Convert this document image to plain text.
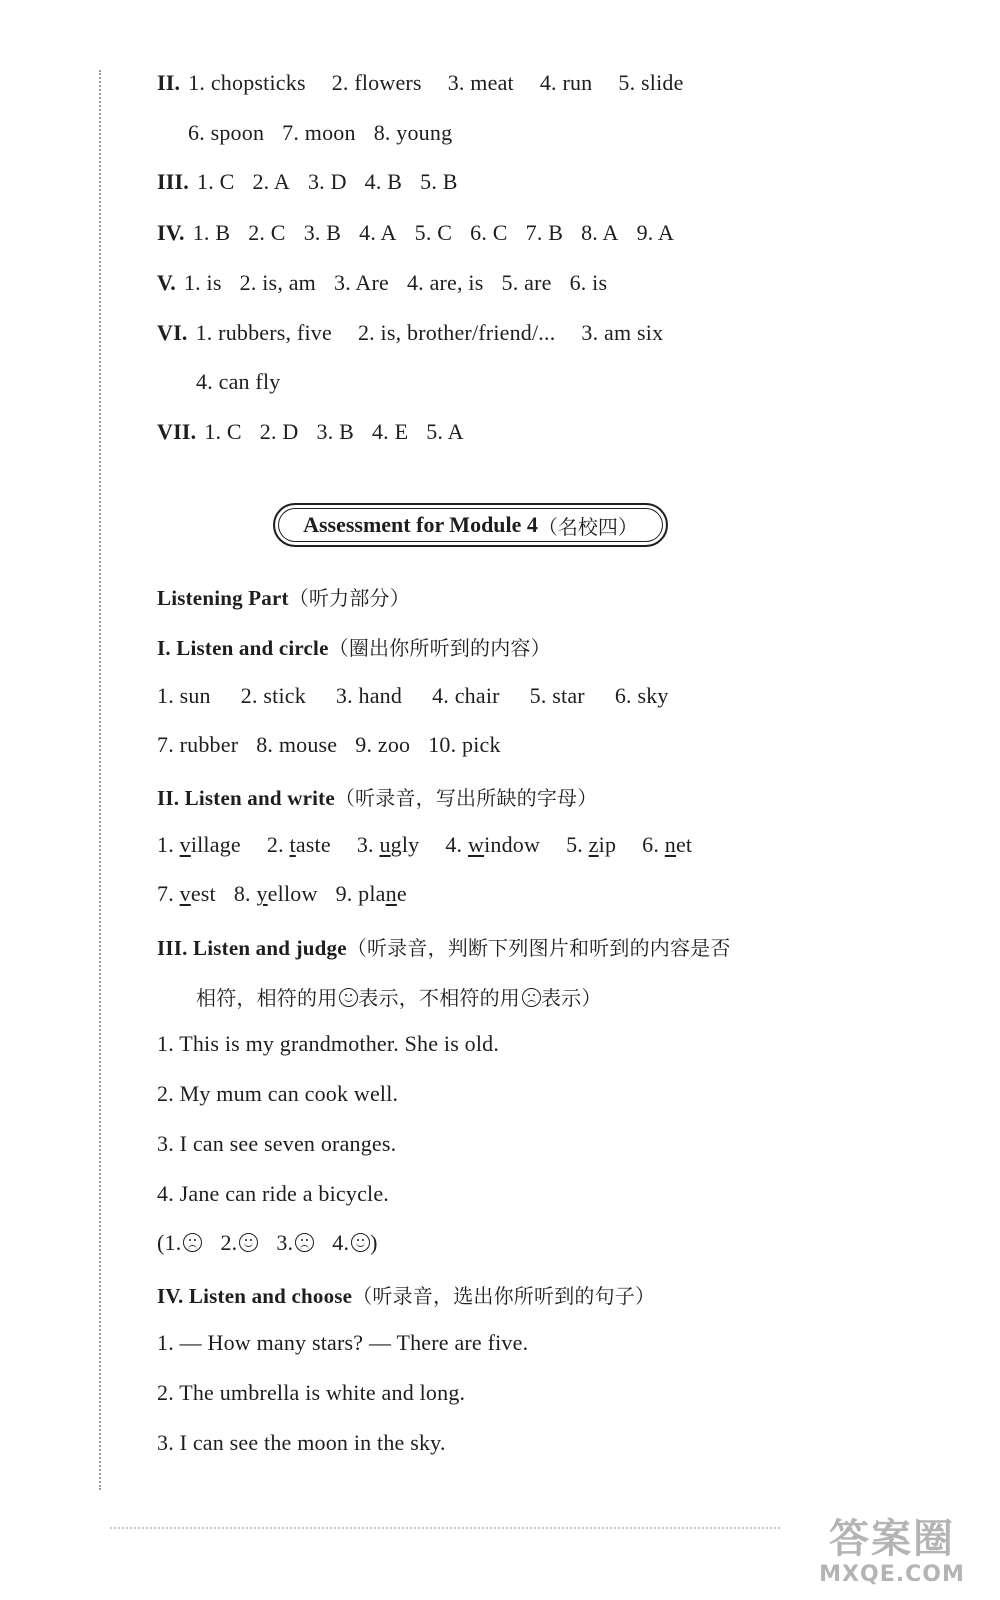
II. 1. chopsticks 2. flowers 3. meat 4. run 5. slide
6. spoon 7. moon 8. young
III. 1. C 2. A 3. D 4. B 5. B
IV. 1. B 2. C 3. B 4. A 5. C 6. C 7. B 8. A 9. A
V. 1. is 2. is, am 3. Are 4. are, is 5. are 6. is
VI. 1. rubbers, five 2. is, brother/friend/... 3. am six
4. can fly
VII. 1. C 2. D 3. B 4. E 5. A
Assessment for Module 4 （名校四）
Listening Part（听力部分）
I. Listen and circle（圈出你所听到的内容）
1. sun 2. stick 3. hand 4. chair 5. star 6. sky
7. rubber 8. mouse 9. zoo 10. pick
II. Listen and write（听录音，写出所缺的字母）
1. village 2. taste 3. ugly 4. window 5. zip 6. net
7. vest 8. yellow 9. plane
III. Listen and judge（听录音，判断下列图片和听到的内容是否
相符，相符的用 表示，不相符的用 表示）
1. This is my grandmother. She is old.
2. My mum can cook well.
3. I can see seven oranges.
4. Jane can ride a bicycle.
(1. 2. 3. 4. )
IV. Listen and choose（听录音，选出你所听到的句子）
1. — How many stars? — There are five.
2. The umbrella is white and long.
3. I can see the moon in the sky.
答案圈
MXQE.COM
